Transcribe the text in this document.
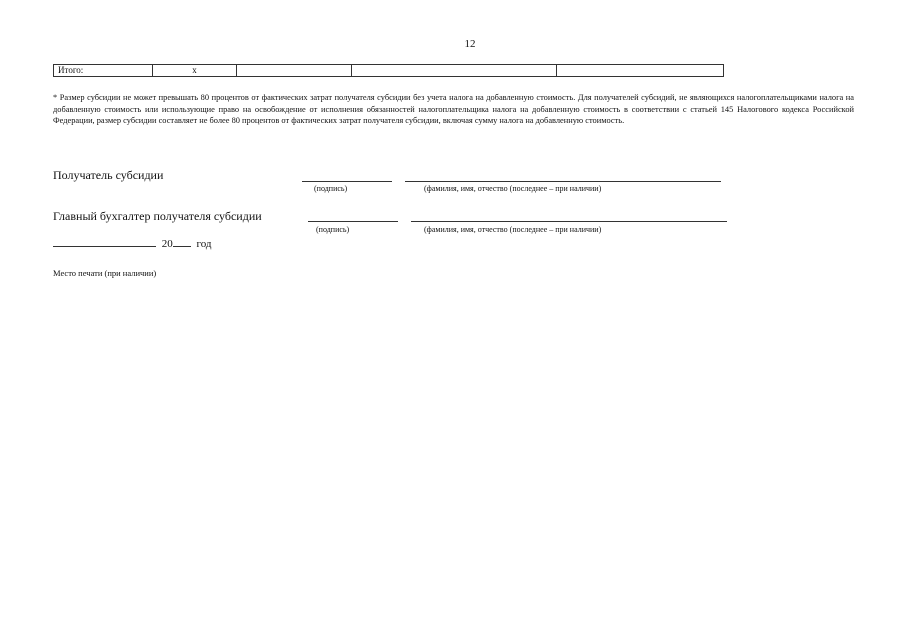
12
Итого:	х			
* Размер субсидии не может превышать 80 процентов от фактических затрат получателя субсидии без учета налога на добавленную стоимость. Для получателей субсидий, не являющихся налогоплательщиками налога на добавленную стоимость или использующие право на освобождение от исполнения обязанностей налогоплательщика налога на добавленную стоимость в соответствии с статьей 145 Налогового кодекса Российской Федерации, размер субсидии составляет не более 80 процентов от фактических затрат получателя субсидии, включая сумму налога на добавленную стоимость.
Получатель субсидии
(подпись)	(фамилия, имя, отчество (последнее – при наличии)
Главный бухгалтер получателя субсидии
(подпись)	(фамилия, имя, отчество (последнее – при наличии)
20 год
Место печати (при наличии)
